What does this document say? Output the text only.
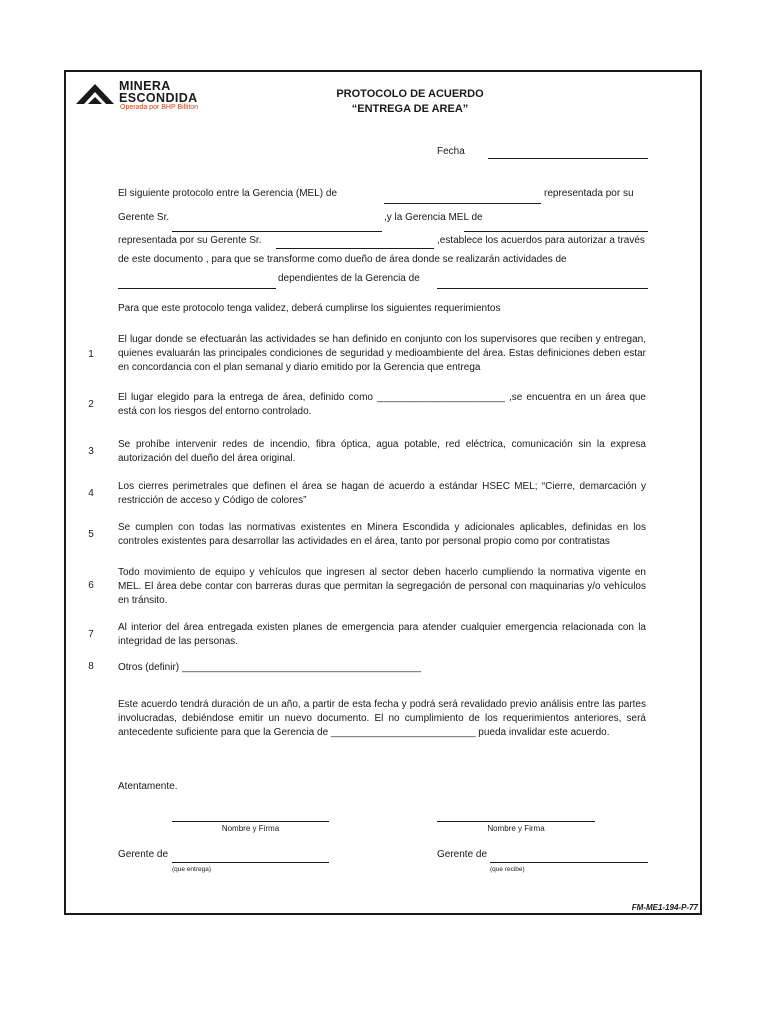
MINERA
ESCONDIDA
Operada por BHP Billiton
PROTOCOLO DE ACUERDO
“ENTREGA DE AREA”
Fecha
El siguiente protocolo entre la Gerencia (MEL) de	representada por su
Gerente Sr.	,y la Gerencia MEL de
representada por su Gerente Sr.	,establece los acuerdos para autorizar a través
de este documento , para que se transforme como dueño de área donde se realizarán actividades de
dependientes de la Gerencia de
Para que este protocolo tenga validez, deberá cumplirse los siguientes requerimientos
1
El lugar donde se efectuarán las actividades se han definido en conjunto con los supervisores que reciben y entregan, quienes evaluarán las principales condiciones de seguridad y medioambiente del área. Estas definiciones deben estar en concordancia con el plan semanal y diario emitido por la Gerencia que entrega
2
El lugar elegido para la entrega de área, definido como _______________________ ,se encuentra en un área que está con los riesgos del entorno controlado.
3
Se prohíbe intervenir redes de incendio, fibra óptica, agua potable, red eléctrica, comunicación sin la expresa autorización del dueño del área original.
4
Los cierres perimetrales que definen el área se hagan de acuerdo a estándar HSEC MEL; “Cierre, demarcación y restricción de acceso y Código de colores”
5
Se cumplen con todas las normativas existentes en Minera Escondida y adicionales aplicables, definidas en los controles existentes para desarrollar las actividades en el área, tanto por personal propio como por contratistas
6
Todo movimiento de equipo y vehículos que ingresen al sector deben hacerlo cumpliendo la normativa vigente en MEL. El área debe contar con barreras duras que permitan la segregación de personal con maquinarias y/o vehículos en tránsito.
7
Al interior del área entregada existen planes de emergencia para atender cualquier emergencia relacionada con la integridad de las personas.
8 Otros (definir) ___________________________________________
Este acuerdo tendrá duración de un año, a partir de esta fecha y podrá será revalidado previo análisis entre las partes involucradas, debiéndose emitir un nuevo documento. El no cumplimiento de los requerimientos anteriores, será antecedente suficiente para que la Gerencia de __________________________ pueda invalidar este acuerdo.
Atentamente.
Nombre y Firma
Gerente de
(que entrega)
Nombre y Firma
Gerente de
(que recibe)
FM-ME1-194-P-77
